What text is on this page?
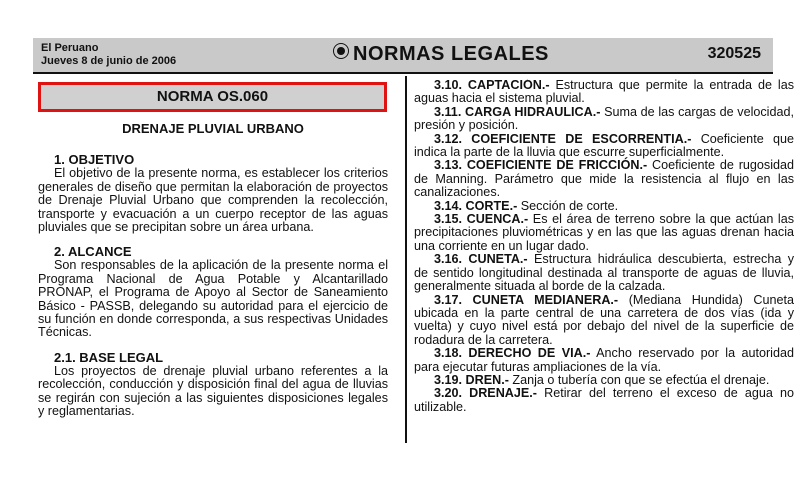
El Peruano
Jueves 8 de junio de 2006	NORMAS LEGALES	320525
NORMA OS.060
DRENAJE PLUVIAL URBANO
1. OBJETIVO

El objetivo de la presente norma, es establecer los criterios generales de diseño que permitan la elaboración de proyectos de Drenaje Pluvial Urbano que comprenden la recolección, transporte y evacuación a un cuerpo receptor de las aguas pluviales que se precipitan sobre un área urbana.

2. ALCANCE

Son responsables de la aplicación de la presente norma el Programa Nacional de Agua Potable y Alcantarillado PRONAP, el Programa de Apoyo al Sector de Saneamiento Básico - PASSB, delegando su autoridad para el ejercicio de su función en donde corresponda, a sus respectivas Unidades Técnicas.

2.1. BASE LEGAL

Los proyectos de drenaje pluvial urbano referentes a la recolección, conducción y disposición final del agua de lluvias se regirán con sujeción a las siguientes disposiciones legales y reglamentarias.

3.10. CAPTACIÓN.- Estructura que permite la entrada de las aguas hacia el sistema pluvial.

3.11. CARGA HIDRAULICA.- Suma de las cargas de velocidad, presión y posición.

3.12. COEFICIENTE DE ESCORRENTIA.- Coeficiente que indica la parte de la lluvia que escurre superficialmente.

3.13. COEFICIENTE DE FRICCIÓN.- Coeficiente de rugosidad de Manning. Parámetro que mide la resistencia al flujo en las canalizaciones.

3.14. CORTE.- Sección de corte.

3.15. CUENCA.- Es el área de terreno sobre la que actúan las precipitaciones pluviométricas y en las que las aguas drenan hacia una corriente en un lugar dado.

3.16. CUNETA.- Estructura hidráulica descubierta, estrecha y de sentido longitudinal destinada al transporte de aguas de lluvia, generalmente situada al borde de la calzada.

3.17. CUNETA MEDIANERA.- (Mediana Hundida) Cuneta ubicada en la parte central de una carretera de dos vías (ida y vuelta) y cuyo nivel está por debajo del nivel de la superficie de rodadura de la carretera.

3.18. DERECHO DE VIA.- Ancho reservado por la autoridad para ejecutar futuras ampliaciones de la vía.

3.19. DREN.- Zanja o tubería con que se efectúa el drenaje.

3.20. DRENAJE.- Retirar del terreno el exceso de agua no utilizable.
